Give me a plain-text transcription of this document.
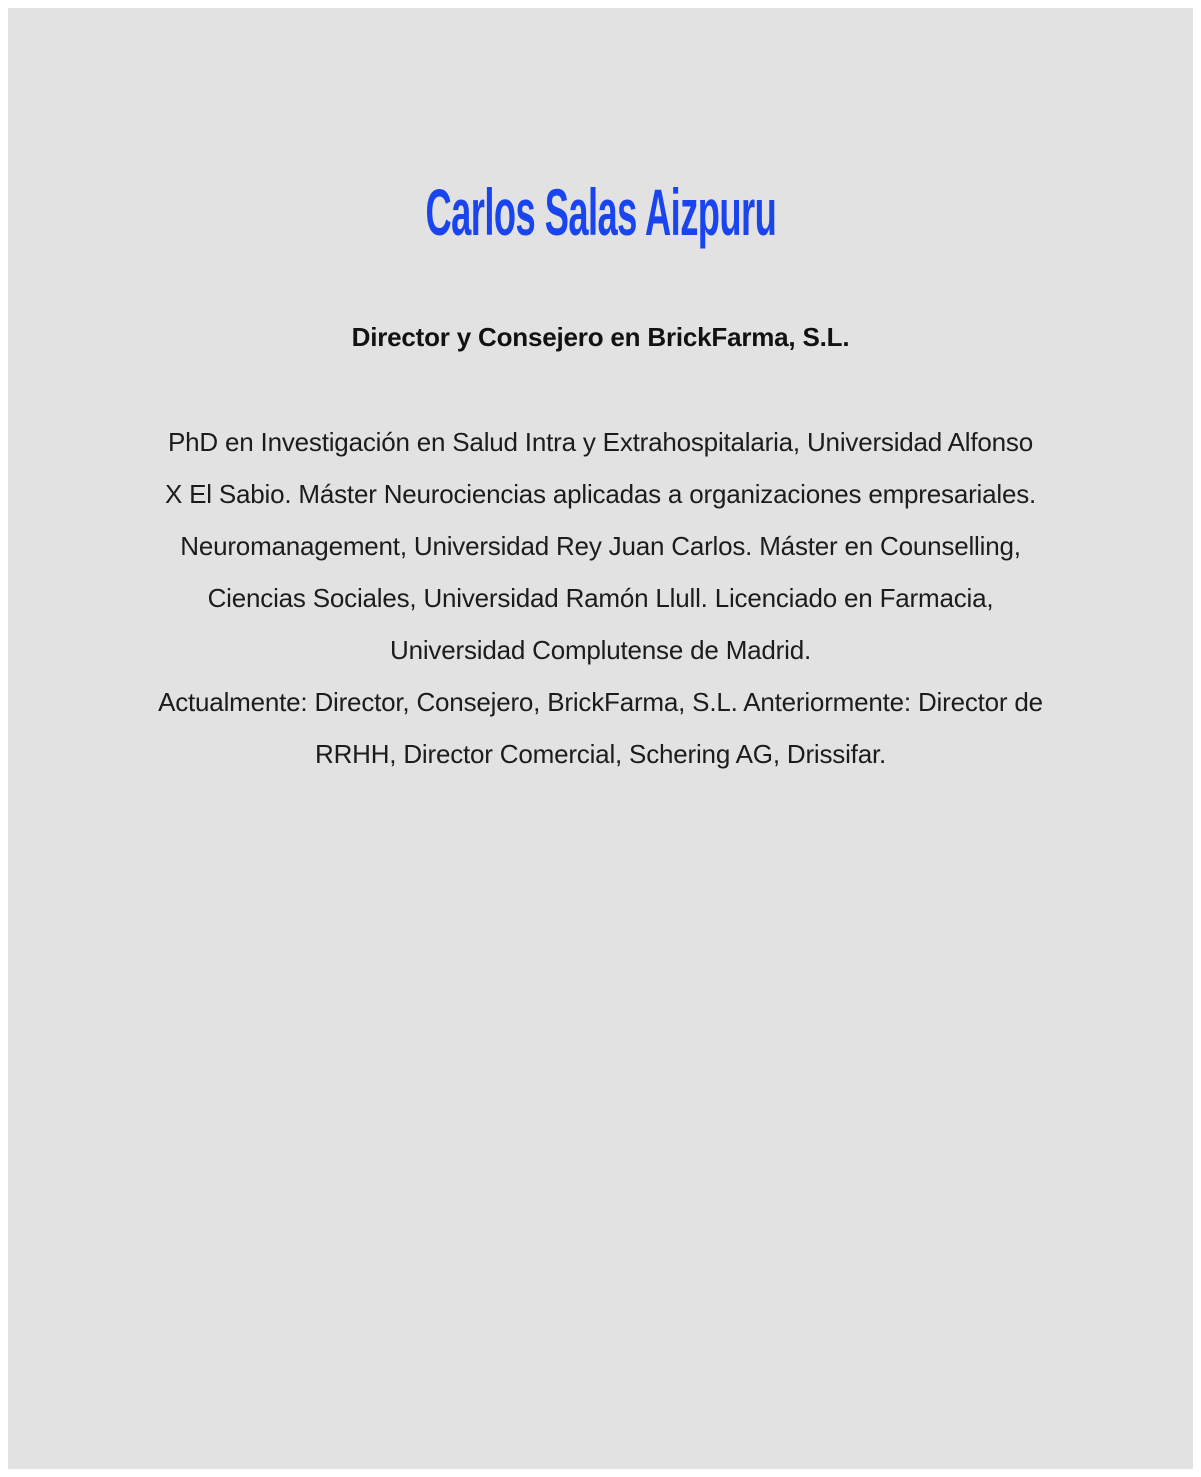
Carlos Salas Aizpuru
Director y Consejero en BrickFarma, S.L.
PhD en Investigación en Salud Intra y Extrahospitalaria, Universidad Alfonso
X El Sabio. Máster Neurociencias aplicadas a organizaciones empresariales.
Neuromanagement, Universidad Rey Juan Carlos. Máster en Counselling,
Ciencias Sociales, Universidad Ramón Llull. Licenciado en Farmacia,
Universidad Complutense de Madrid.
Actualmente: Director, Consejero, BrickFarma, S.L. Anteriormente: Director de
RRHH, Director Comercial, Schering AG, Drissifar.
